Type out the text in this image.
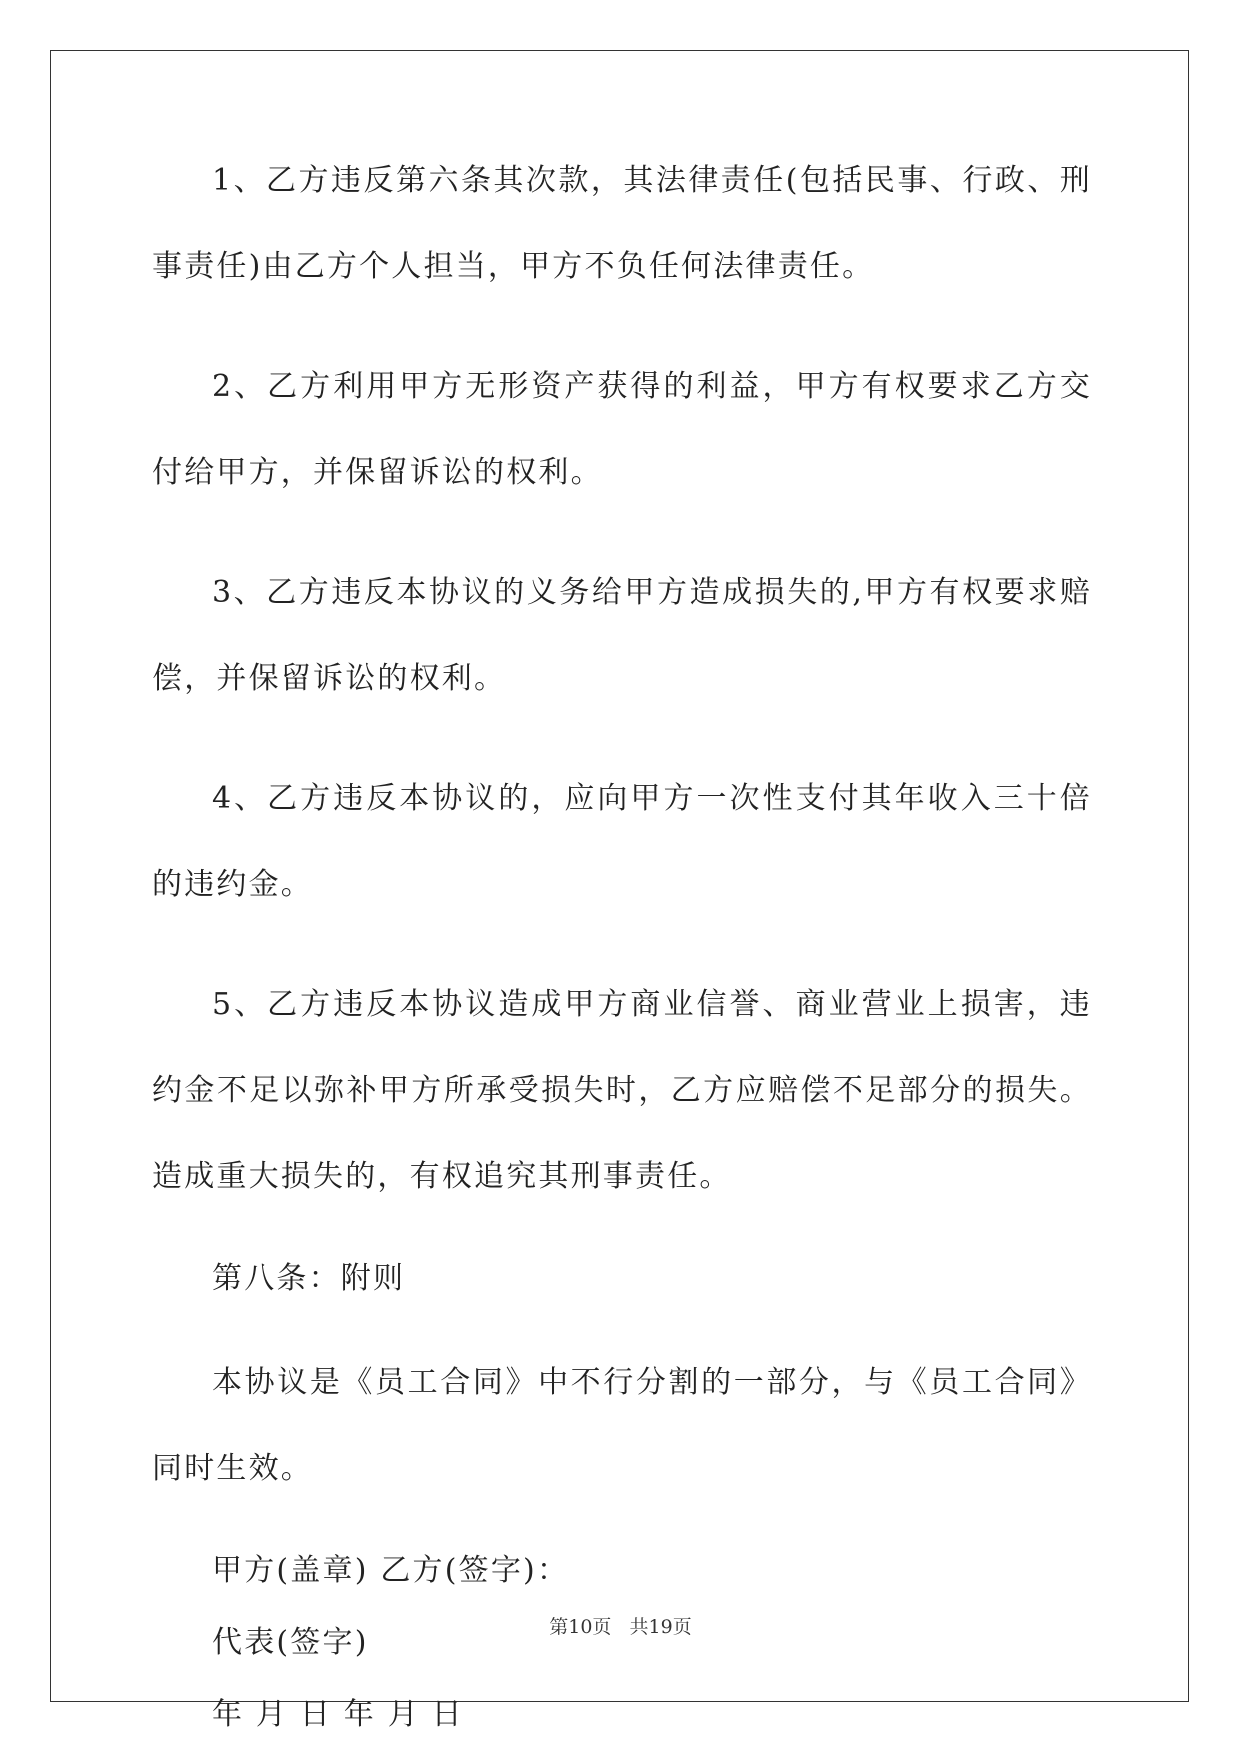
1、乙方违反第六条其次款，其法律责任(包括民事、行政、刑事责任)由乙方个人担当，甲方不负任何法律责任。

2、乙方利用甲方无形资产获得的利益，甲方有权要求乙方交付给甲方，并保留诉讼的权利。

3、乙方违反本协议的义务给甲方造成损失的,甲方有权要求赔偿，并保留诉讼的权利。

4、乙方违反本协议的，应向甲方一次性支付其年收入三十倍的违约金。

5、乙方违反本协议造成甲方商业信誉、商业营业上损害，违约金不足以弥补甲方所承受损失时，乙方应赔偿不足部分的损失。造成重大损失的，有权追究其刑事责任。

第八条：附则

本协议是《员工合同》中不行分割的一部分，与《员工合同》同时生效。

甲方(盖章) 乙方(签字)：

代表(签字)

年 月 日 年 月 日

第10页   共19页
